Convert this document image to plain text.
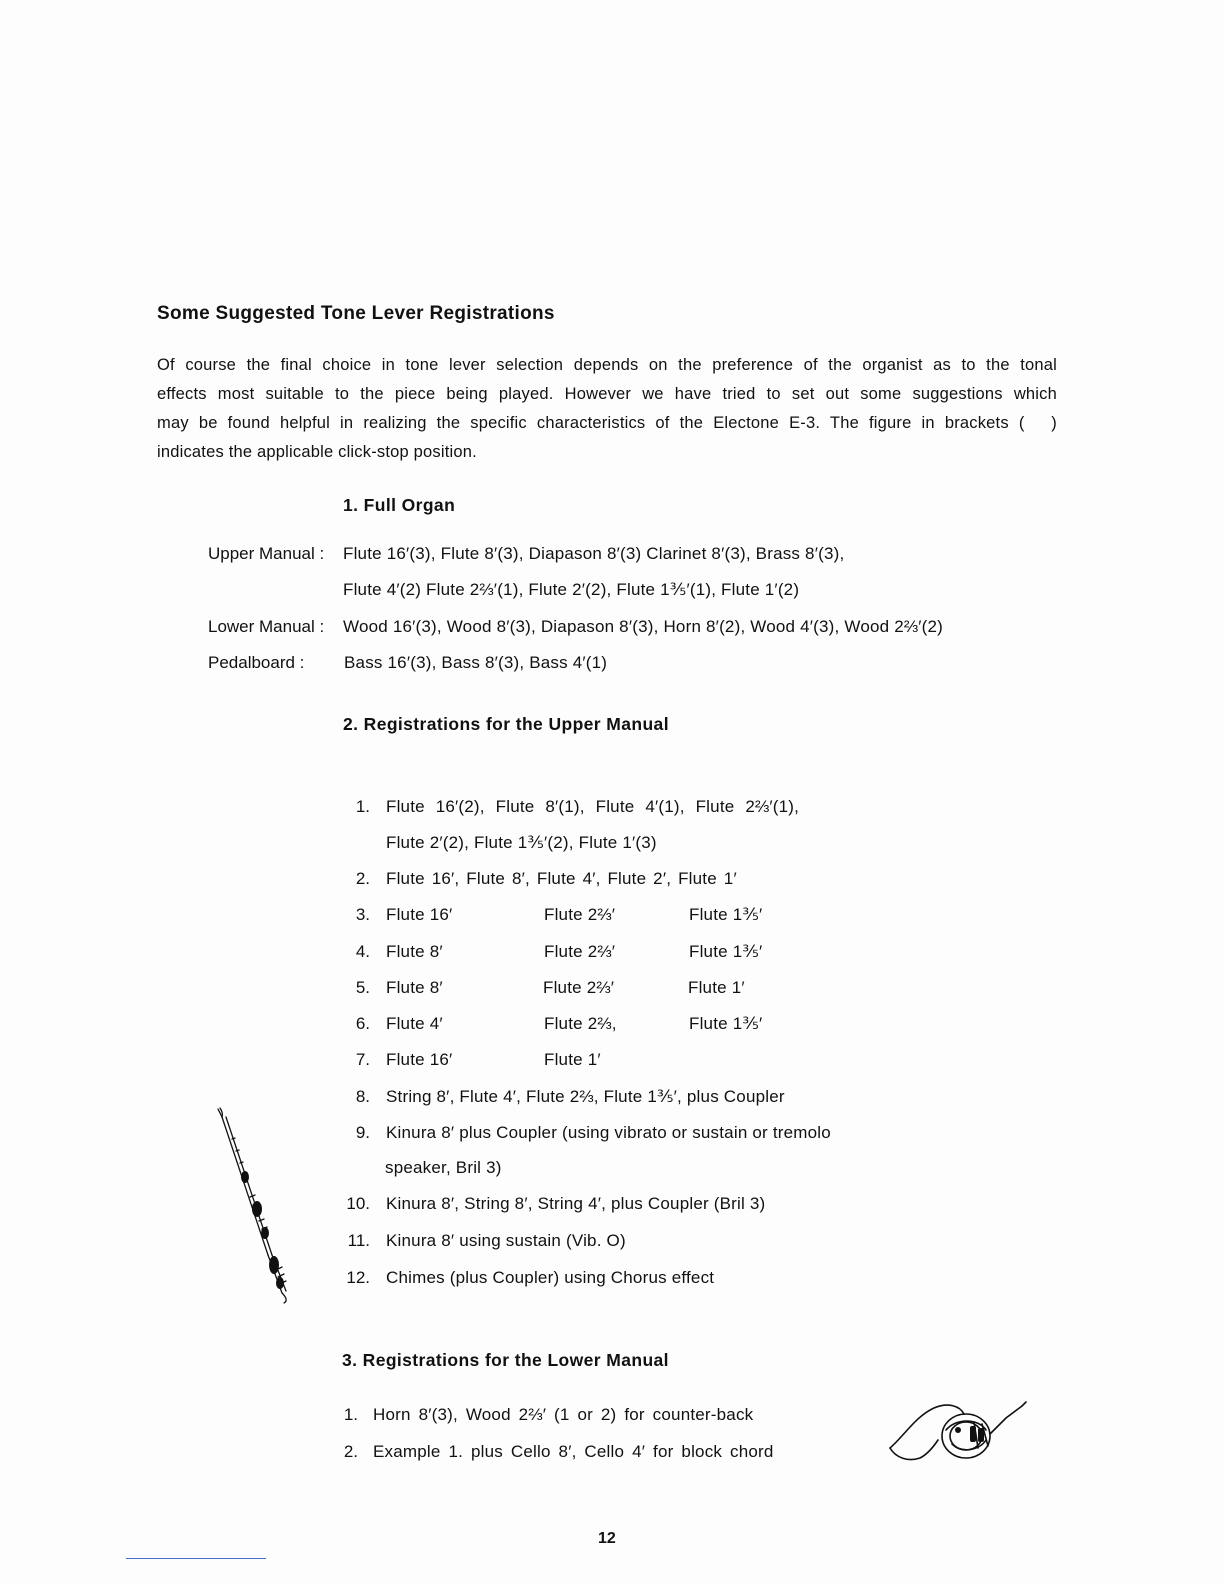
Some Suggested Tone Lever Registrations

Of course the final choice in tone lever selection depends on the preference of the organist as to the tonal
effects most suitable to the piece being played. However we have tried to set out some suggestions which
may be found helpful in realizing the specific characteristics of the Electone E-3. The figure in brackets (  )
indicates the applicable click-stop position.

1. Full Organ
Upper Manual : Flute 16′(3), Flute 8′(3), Diapason 8′(3) Clarinet 8′(3), Brass 8′(3),
Flute 4′(2) Flute 2⅔′(1), Flute 2′(2), Flute 1⅗′(1), Flute 1′(2)
Lower Manual : Wood 16′(3), Wood 8′(3), Diapason 8′(3), Horn 8′(2), Wood 4′(3), Wood 2⅔′(2)
Pedalboard : Bass 16′(3), Bass 8′(3), Bass 4′(1)
2. Registrations for the Upper Manual
1. Flute 16′(2), Flute 8′(1), Flute 4′(1), Flute 2⅔′(1),
Flute 2′(2), Flute 1⅗′(2), Flute 1′(3)
2. Flute 16′, Flute 8′, Flute 4′, Flute 2′, Flute 1′
3. Flute 16′	Flute 2⅔′	Flute 1⅗′
4. Flute 8′	Flute 2⅔′	Flute 1⅗′
5. Flute 8′	Flute 2⅔′	Flute 1′
6. Flute 4′	Flute 2⅔,	Flute 1⅗′
7. Flute 16′	Flute 1′
8. String 8′, Flute 4′, Flute 2⅔, Flute 1⅗′, plus Coupler
9. Kinura 8′ plus Coupler (using vibrato or sustain or tremolo
speaker, Bril 3)
10. Kinura 8′, String 8′, String 4′, plus Coupler (Bril 3)
11. Kinura 8′ using sustain (Vib. O)
12. Chimes (plus Coupler) using Chorus effect
3. Registrations for the Lower Manual
1. Horn 8′(3), Wood 2⅔′ (1 or 2) for counter-back
2. Example 1. plus Cello 8′, Cello 4′ for block chord
12
